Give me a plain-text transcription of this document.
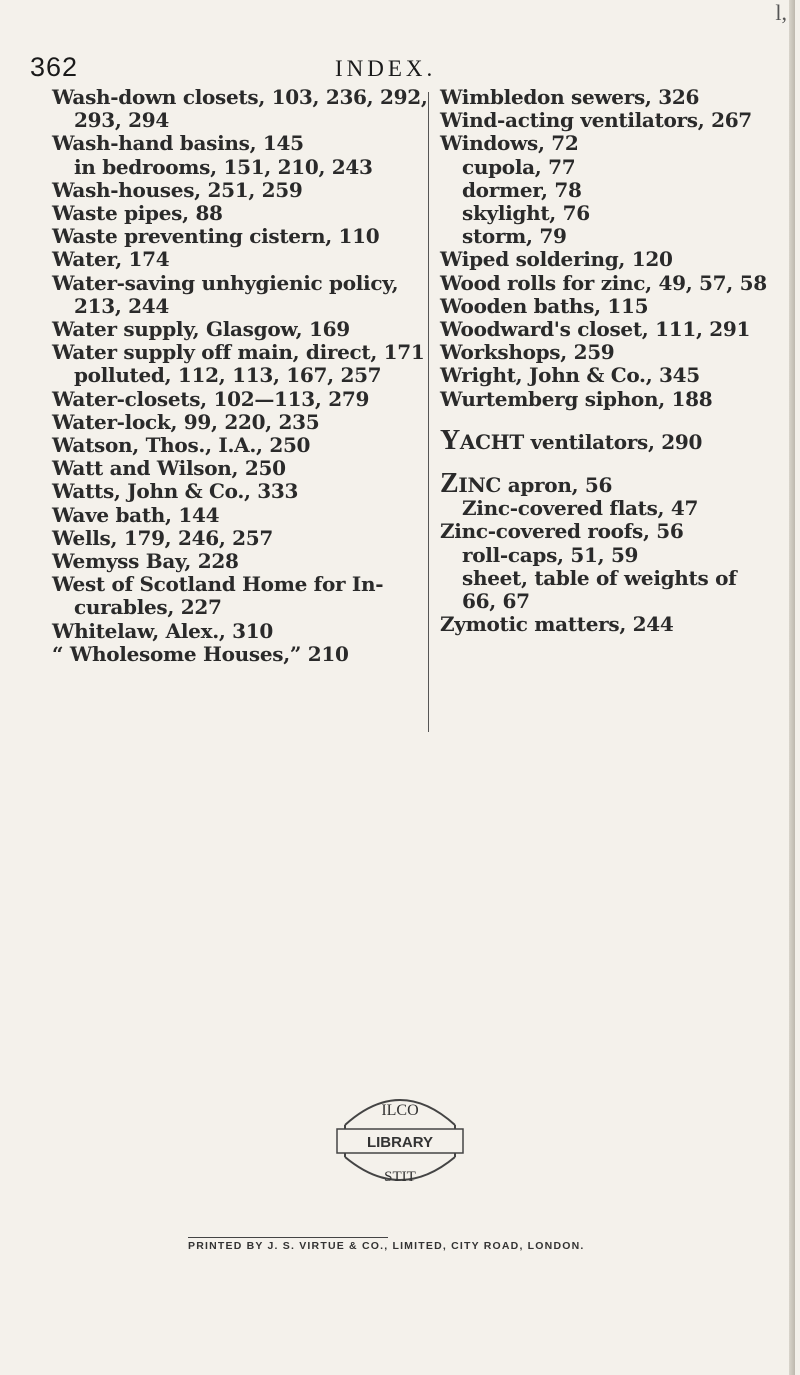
l,
362	INDEX.
Wash-down closets, 103, 236, 292,
293, 294
Wash-hand basins, 145
in bedrooms, 151, 210, 243
Wash-houses, 251, 259
Waste pipes, 88
Waste preventing cistern, 110
Water, 174
Water-saving unhygienic policy,
213, 244
Water supply, Glasgow, 169
Water supply off main, direct, 171
polluted, 112, 113, 167, 257
Water-closets, 102—113, 279
Water-lock, 99, 220, 235
Watson, Thos., I.A., 250
Watt and Wilson, 250
Watts, John & Co., 333
Wave bath, 144
Wells, 179, 246, 257
Wemyss Bay, 228
West of Scotland Home for In-
curables, 227
Whitelaw, Alex., 310
“ Wholesome Houses,” 210
Wimbledon sewers, 326
Wind-acting ventilators, 267
Windows, 72
cupola, 77
dormer, 78
skylight, 76
storm, 79
Wiped soldering, 120
Wood rolls for zinc, 49, 57, 58
Wooden baths, 115
Woodward's closet, 111, 291
Workshops, 259
Wright, John & Co., 345
Wurtemberg siphon, 188
YACHT ventilators, 290
ZINC apron, 56
Zinc-covered flats, 47
Zinc-covered roofs, 56
roll-caps, 51, 59
sheet, table of weights of
66, 67
Zymotic matters, 244
ILCO
LIBRARY
STIT
PRINTED BY J. S. VIRTUE & CO., LIMITED, CITY ROAD, LONDON.
